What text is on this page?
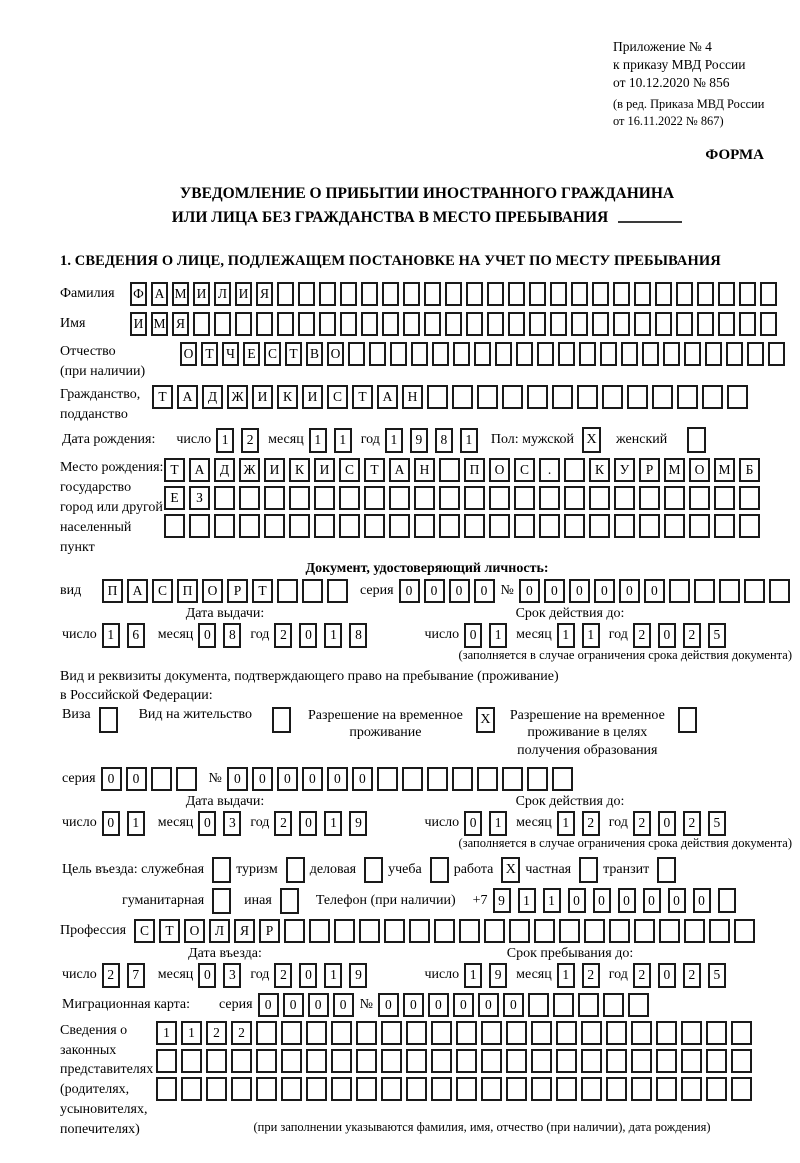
Приложение № 4
к приказу МВД России
от 10.12.2020 № 856
(в ред. Приказа МВД России
от 16.11.2022 № 867)
ФОРМА
УВЕДОМЛЕНИЕ О ПРИБЫТИИ ИНОСТРАННОГО ГРАЖДАНИНА
ИЛИ ЛИЦА БЕЗ ГРАЖДАНСТВА В МЕСТО ПРЕБЫВАНИЯ
1. СВЕДЕНИЯ О ЛИЦЕ, ПОДЛЕЖАЩЕМ ПОСТАНОВКЕ НА УЧЕТ ПО МЕСТУ ПРЕБЫВАНИЯ
Фамилия	Ф А М И Л И Я
Имя	И М Я
Отчество
(при наличии)
О Т Ч Е С Т В О
Гражданство,
подданство
Т	А	Д	Ж	И	К	И	С	Т	А	Н
Дата рождения: число 1	2	месяц 1	1	год 1	9	8	1	Пол: мужской X	женский
Место рождения:
государство
город или другой
населенный пункт
Т	А	Д	Ж	И	К	И	С	Т	А	Н	П	О	С	.	К	У	Р	М	О	М	Б
Е	З
Документ, удостоверяющий личность:
вид	П	А	С	П	О	Р	Т	серия 0	0	0	0 № 0	0	0	0	0	0
Дата выдачи:	Срок действия до:
число 1	6	месяц 0	8	год 2	0	1	8	число 0	1	месяц 1	1	год 2	0	2	5
(заполняется в случае ограничения срока действия документа)
Вид и реквизиты документа, подтверждающего право на пребывание (проживание)
в Российской Федерации:
Виза	Вид на жительство	Разрешение на временное
проживание
X	Разрешение на временное
проживание в целях
получения образования
серия 0	0	№ 0	0	0	0	0	0
Дата выдачи:	Срок действия до:
число 0	1	месяц 0	3	год 2	0	1	9	число 0	1	месяц 1	2	год 2	0	2	5
(заполняется в случае ограничения срока действия документа)
Цель въезда: служебная туризм деловая учеба работа X частная транзит
гуманитарная	иная	Телефон (при наличии) +7 9	1	1	0	0	0	0	0	0
Профессия	С	Т	О	Л	Я	Р
Дата въезда:	Срок пребывания до:
число 2	7	месяц 0	3	год 2	0	1	9	число 1	9	месяц 1	2	год 2	0	2	5
Миграционная карта: серия 0	0	0	0 № 0	0	0	0	0	0
Сведения о
законных
представителях
(родителях,
усыновителях,
попечителях)
1	1	2	2
(при заполнении указываются фамилия, имя, отчество (при наличии), дата рождения)
